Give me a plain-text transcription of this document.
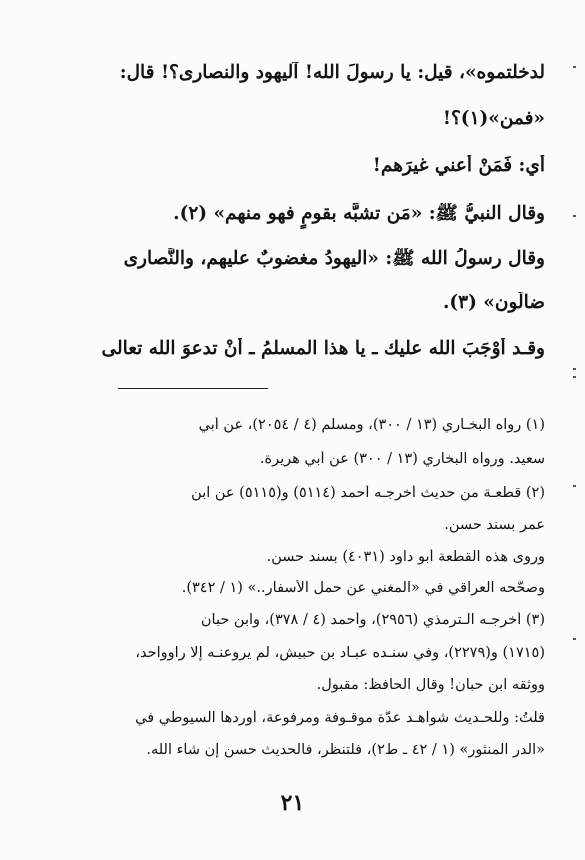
لدخلتموه»، قيل: يا رسولَ الله! آليهود والنصارى؟! قال:
«فمن»(١)؟!
أي: فَمَنْ أعني غيرَهم!
وقال النبيُّ ﷺ: «مَن تشبَّه بقومٍ فهو منهم» (٢).
وقال رسولُ الله ﷺ: «اليهودُ مغضوبٌ عليهم، والنَّصارى
ضالُّون» (٣).
وقـد أوْجَبَ الله عليك ـ يا هذا المسلمُ ـ أنْ تدعوَ الله تعالى
(١) رواه البخـاري (١٣ / ٣٠٠)، ومسلم (٤ / ٢٠٥٤)، عن أبي
سعيد. ورواه البخاري (١٣ / ٣٠٠) عن أبي هريرة.
(٢) قطعـة من حديث أخرجـه أحمد (٥١١٤) و(٥١١٥) عن ابن
عمر بسند حسن.
وروى هذه القطعة أبو داود (٤٠٣١) بسند حسن.
وصحَّحه العراقي في «المغني عن حمل الأسفار..» (١ / ٣٤٢).
(٣) أخرجـه الـترمذي (٢٩٥٦)، وأحمد (٤ / ٣٧٨)، وابن حبان
(١٧١٥) و(٢٢٧٩)، وفي سنـده عبـاد بن حبيش، لم يروعنـه إلا راوواحد،
ووثقه ابن حبان! وقال الحافظ: مقبول.
قلتُ: وللحـديث شواهـد عدَّة موقـوفة ومرفوعة، أوردها السيوطي في
«الدر المنثور» (١ / ٤٢ ـ ط٢)، فلتنظر، فالحديث حسن إن شاء الله.
٢١
